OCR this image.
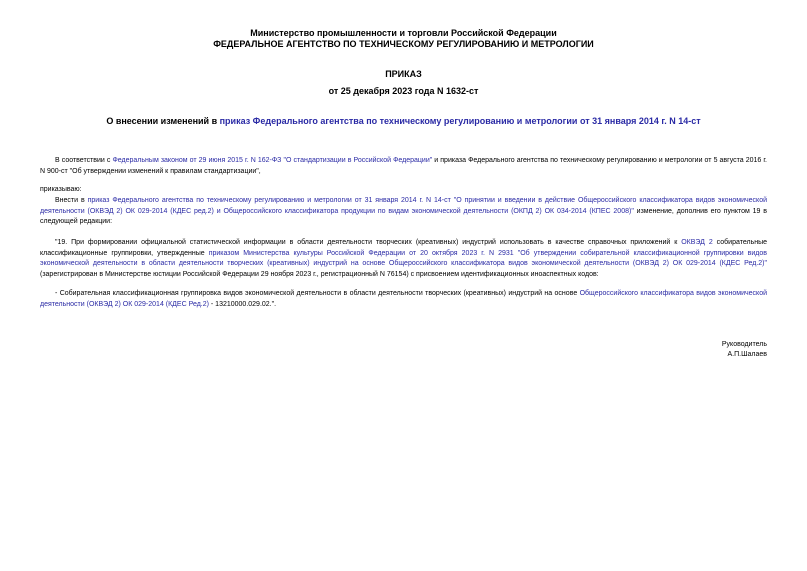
Министерство промышленности и торговли Российской Федерации
ФЕДЕРАЛЬНОЕ АГЕНТСТВО ПО ТЕХНИЧЕСКОМУ РЕГУЛИРОВАНИЮ И МЕТРОЛОГИИ
ПРИКАЗ
от 25 декабря 2023 года N 1632-ст
О внесении изменений в приказ Федерального агентства по техническому регулированию и метрологии от 31 января 2014 г. N 14-ст
В соответствии с Федеральным законом от 29 июня 2015 г. N 162-ФЗ "О стандартизации в Российской Федерации" и приказа Федерального агентства по техническому регулированию и метрологии от 5 августа 2016 г. N 900-ст "Об утверждении изменений к правилам стандартизации",
приказываю:
Внести в приказ Федерального агентства по техническому регулированию и метрологии от 31 января 2014 г. N 14-ст "О принятии и введении в действие Общероссийского классификатора видов экономической деятельности (ОКВЭД 2) ОК 029-2014 (КДЕС ред.2) и Общероссийского классификатора продукции по видам экономической деятельности (ОКПД 2) ОК 034-2014 (КПЕС 2008)" изменение, дополнив его пунктом 19 в следующей редакции:
"19. При формировании официальной статистической информации в области деятельности творческих (креативных) индустрий использовать в качестве справочных приложений к ОКВЭД 2 собирательные классификационные группировки, утвержденные приказом Министерства культуры Российской Федерации от 20 октября 2023 г. N 2931 "Об утверждении собирательной классификационной группировки видов экономической деятельности в области деятельности творческих (креативных) индустрий на основе Общероссийского классификатора видов экономической деятельности (ОКВЭД 2) ОК 029-2014 (КДЕС Ред.2)" (зарегистрирован в Министерстве юстиции Российской Федерации 29 ноября 2023 г., регистрационный N 76154) с присвоением идентификационных иноаспектных кодов:
- Собирательная классификационная группировка видов экономической деятельности в области деятельности творческих (креативных) индустрий на основе Общероссийского классификатора видов экономической деятельности (ОКВЭД 2) ОК 029-2014 (КДЕС Ред.2) - 13210000.029.02.".
Руководитель
А.П.Шалаев
